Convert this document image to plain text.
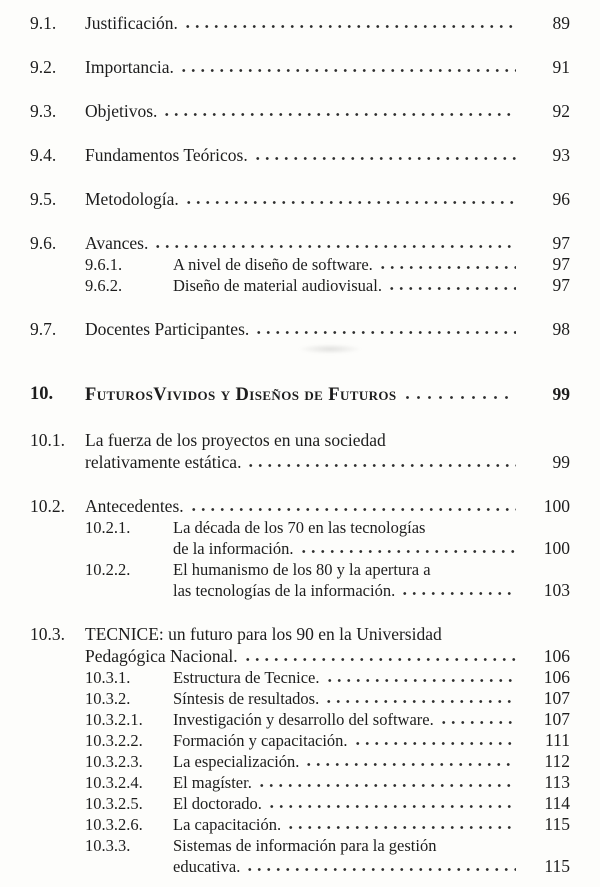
9.1.	Justificación.	89
9.2.	Importancia.	91
9.3.	Objetivos.	92
9.4.	Fundamentos Teóricos.	93
9.5.	Metodología.	96
9.6.	Avances.	97
9.6.1.	A nivel de diseño de software.	97
9.6.2.	Diseño de material audiovisual.	97
9.7.	Docentes Participantes.	98
10.	FuturosVividos y Diseños de Futuros	99
10.1.	La fuerza de los proyectos en una sociedad
relativamente estática.	99
10.2.	Antecedentes.	100
10.2.1.	La década de los 70 en las tecnologías
de la información.	100
10.2.2.	El humanismo de los 80 y la apertura a
las tecnologías de la información.	103
10.3.	TECNICE: un futuro para los 90 en la Universidad
Pedagógica Nacional.	106
10.3.1.	Estructura de Tecnice.	106
10.3.2.	Síntesis de resultados.	107
10.3.2.1.	Investigación y desarrollo del software.	107
10.3.2.2.	Formación y capacitación.	111
10.3.2.3.	La especialización.	112
10.3.2.4.	El magíster.	113
10.3.2.5.	El doctorado.	114
10.3.2.6.	La capacitación.	115
10.3.3.	Sistemas de información para la gestión
educativa.	115
